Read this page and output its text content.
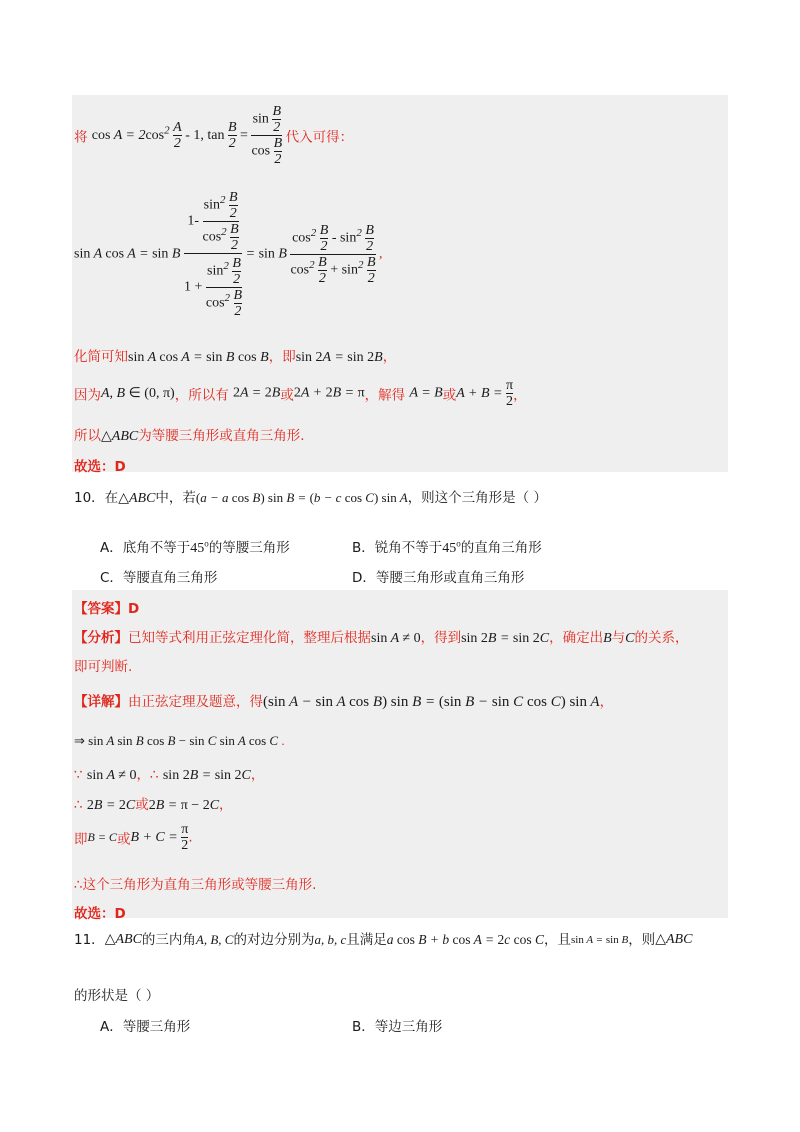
将 $\cos A = 2\cos^2 \frac{A}{2} - 1$, $\tan \frac{B}{2} = \frac{\sin \frac{B}{2}}{\cos \frac{B}{2}}$ 代入可得：
sin A cos A = sin B $\frac{1- \frac{\sin^2 \frac{B}{2}}{\cos^2 \frac{B}{2}}}{1 + \frac{\sin^2 \frac{B}{2}}{\cos^2 \frac{B}{2}}} = \sin B \frac{\cos^2 \frac{B}{2} - \sin^2 \frac{B}{2}}{\cos^2 \frac{B}{2} + \sin^2 \frac{B}{2}}$ ,
化简可知sin A cos A = sin B cos B，即sin 2A = sin 2B，
因为A, B ∈ (0, π)，所以有 2A = 2B或2A + 2B = π，解得 A = B或$A + B = \frac{\pi}{2}$ ，
所以△ABC为等腰三角形或直角三角形.
故选：D
10．在△ABC中，若(a − a cos B) sin B = (b − c cos C) sin A，则这个三角形是（ ）
A．底角不等于45$^o$的等腰三角形	B．锐角不等于45$^o$的直角三角形
C．等腰直角三角形	D．等腰三角形或直角三角形
【答案】D
【分析】已知等式利用正弦定理化简，整理后根据sin A ≠ 0，得到sin 2B = sin 2C，确定出B与C的关系，
即可判断.
【详解】由正弦定理及题意，得(sin A − sin A cos B) sin B = (sin B − sin C cos C) sin A，
⇒ sin A sin B cos B − sin C sin A cos C .
∵ sin A ≠ 0，∴ sin 2B = sin 2C，
∴ 2B = 2C或2B = π − 2C，
即B = C或$B + C = \frac{\pi}{2}$ .
∴这个三角形为直角三角形或等腰三角形.
故选：D
11．△ABC的三内角A, B, C的对边分别为a, b, c且满足a cos B + b cos A = 2c cos C，且$^{sin A = sin B}$，则△ABC
的形状是（ ）
A．等腰三角形	B．等边三角形
